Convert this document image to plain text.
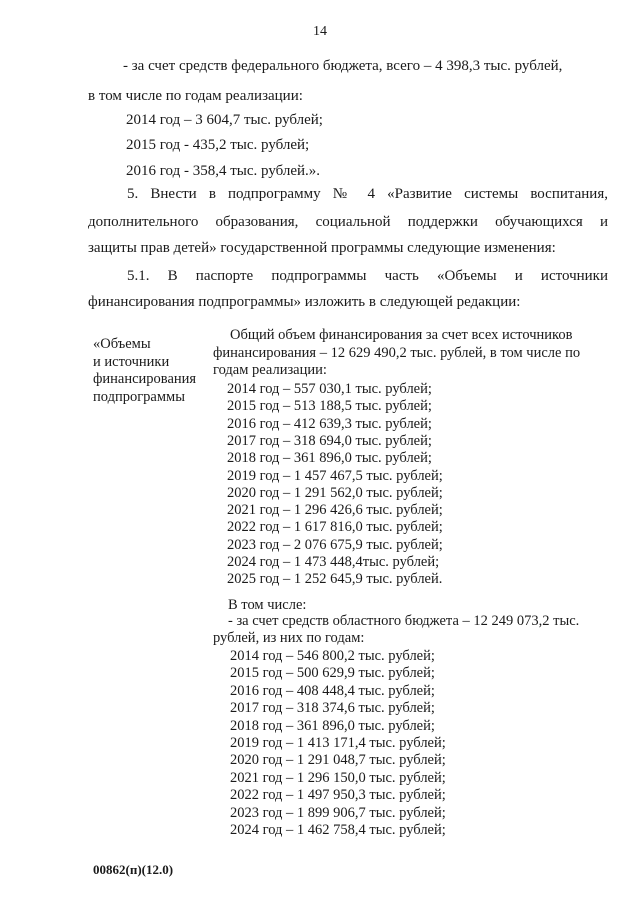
14
- за счет средств федерального бюджета, всего – 4 398,3 тыс. рублей,
в том числе по годам реализации:
2014 год – 3 604,7 тыс. рублей;
2015 год - 435,2 тыс. рублей;
2016 год - 358,4 тыс. рублей.».
5. Внести в подпрограмму № 4 «Развитие системы воспитания,
дополнительного образования, социальной поддержки обучающихся и
защиты прав детей» государственной программы следующие изменения:
5.1. В паспорте подпрограммы часть «Объемы и источники
финансирования подпрограммы» изложить в следующей редакции:
«Объемы
и источники
финансирования
подпрограммы
Общий объем финансирования за счет всех источников
финансирования – 12 629 490,2 тыс. рублей, в том числе по
годам реализации:
2014 год – 557 030,1 тыс. рублей;
2015 год – 513 188,5 тыс. рублей;
2016 год – 412 639,3 тыс. рублей;
2017 год – 318 694,0 тыс. рублей;
2018 год – 361 896,0 тыс. рублей;
2019 год – 1 457 467,5 тыс. рублей;
2020 год – 1 291 562,0 тыс. рублей;
2021 год – 1 296 426,6 тыс. рублей;
2022 год – 1 617 816,0 тыс. рублей;
2023 год – 2 076 675,9 тыс. рублей;
2024 год – 1 473 448,4тыс. рублей;
2025 год – 1 252 645,9 тыс. рублей.
В том числе:
- за счет средств областного бюджета – 12 249 073,2 тыс.
рублей, из них по годам:
2014 год – 546 800,2 тыс. рублей;
2015 год – 500 629,9 тыс. рублей;
2016 год – 408 448,4 тыс. рублей;
2017 год – 318 374,6 тыс. рублей;
2018 год – 361 896,0 тыс. рублей;
2019 год – 1 413 171,4 тыс. рублей;
2020 год – 1 291 048,7 тыс. рублей;
2021 год – 1 296 150,0 тыс. рублей;
2022 год – 1 497 950,3 тыс. рублей;
2023 год – 1 899 906,7 тыс. рублей;
2024 год – 1 462 758,4 тыс. рублей;
00862(п)(12.0)
